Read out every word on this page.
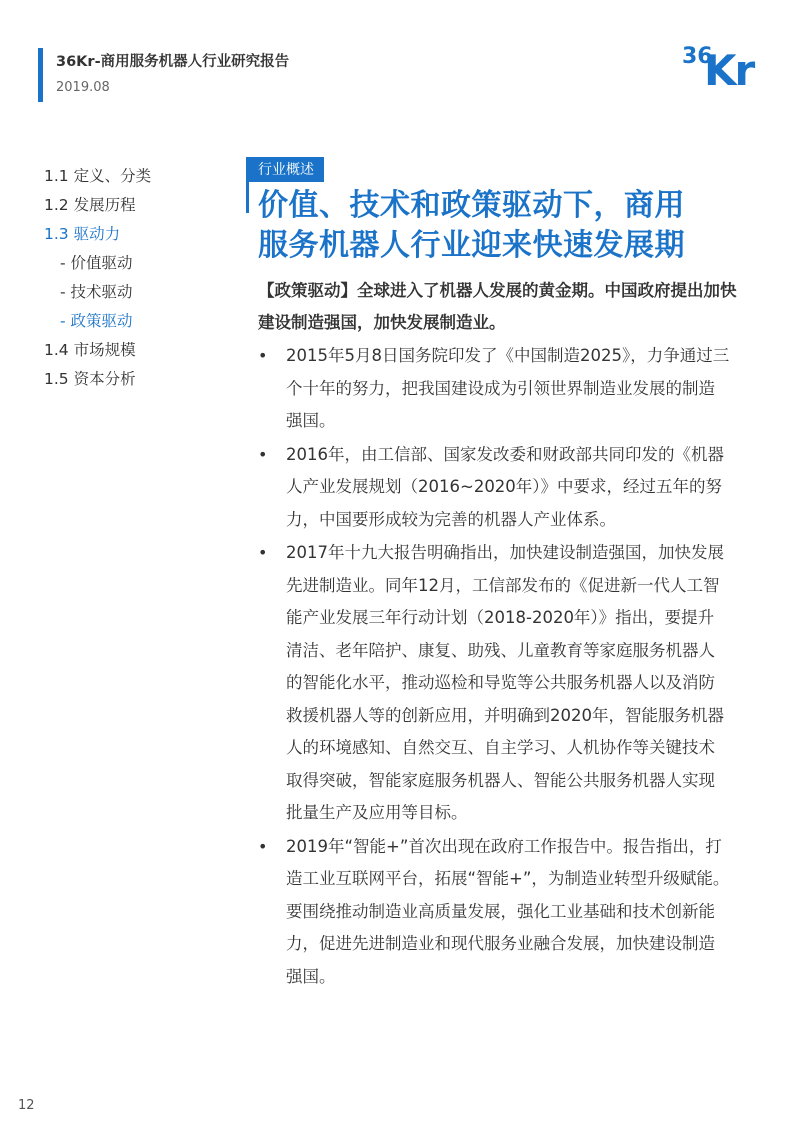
36Kr-商用服务机器人行业研究报告
2019.08
36
Kr
1.1 定义、分类
1.2 发展历程
1.3 驱动力
- 价值驱动
- 技术驱动
- 政策驱动
1.4 市场规模
1.5 资本分析
行业概述
价值、技术和政策驱动下，商用
服务机器人行业迎来快速发展期

【政策驱动】全球进入了机器人发展的黄金期。中国政府提出加快建设制造强国，加快发展制造业。

• 2015年5月8日国务院印发了《中国制造2025》，力争通过三个十年的努力，把我国建设成为引领世界制造业发展的制造强国。
• 2016年，由工信部、国家发改委和财政部共同印发的《机器人产业发展规划（2016~2020年）》中要求，经过五年的努力，中国要形成较为完善的机器人产业体系。
• 2017年十九大报告明确指出，加快建设制造强国，加快发展先进制造业。同年12月，工信部发布的《促进新一代人工智能产业发展三年行动计划（2018-2020年）》指出，要提升清洁、老年陪护、康复、助残、儿童教育等家庭服务机器人的智能化水平，推动巡检和导览等公共服务机器人以及消防救援机器人等的创新应用，并明确到2020年，智能服务机器人的环境感知、自然交互、自主学习、人机协作等关键技术取得突破，智能家庭服务机器人、智能公共服务机器人实现批量生产及应用等目标。
• 2019年“智能+”首次出现在政府工作报告中。报告指出，打造工业互联网平台，拓展“智能+”，为制造业转型升级赋能。要围绕推动制造业高质量发展，强化工业基础和技术创新能力，促进先进制造业和现代服务业融合发展，加快建设制造强国。
12
